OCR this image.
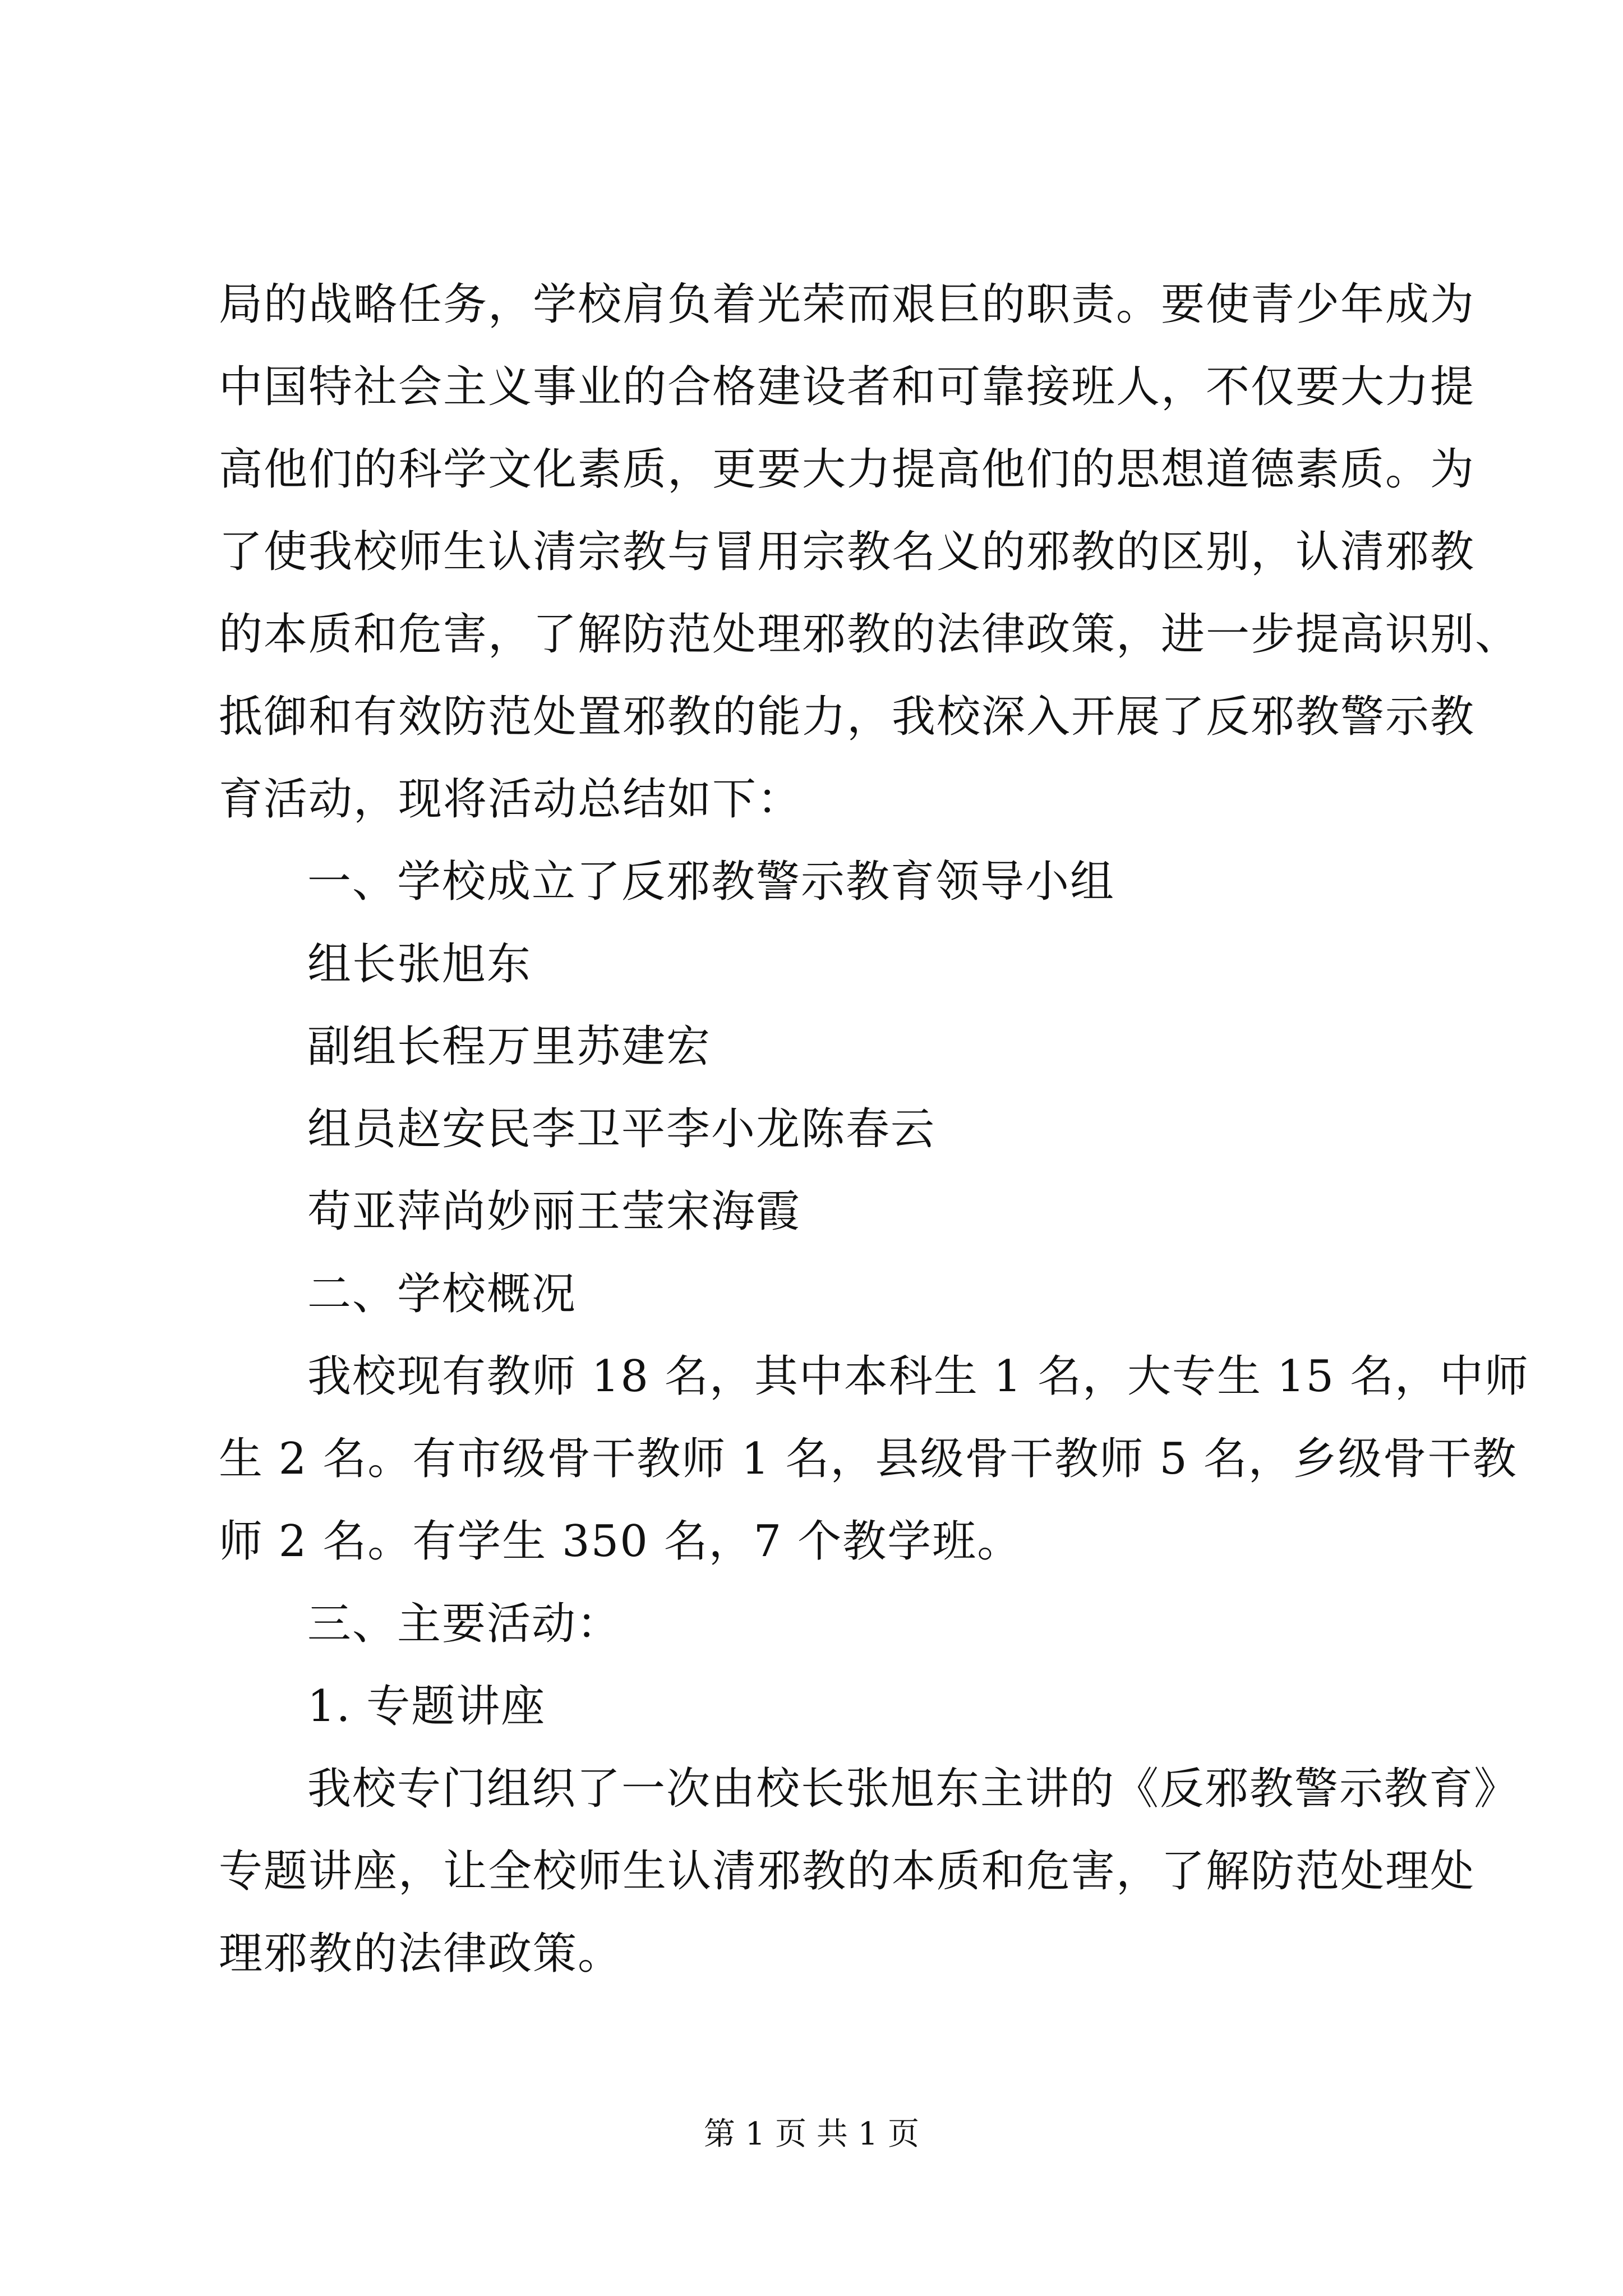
局的战略任务，学校肩负着光荣而艰巨的职责。要使青少年成为
中国特社会主义事业的合格建设者和可靠接班人，不仅要大力提
高他们的科学文化素质，更要大力提高他们的思想道德素质。为
了使我校师生认清宗教与冒用宗教名义的邪教的区别，认清邪教
的本质和危害，了解防范处理邪教的法律政策，进一步提高识别、
抵御和有效防范处置邪教的能力，我校深入开展了反邪教警示教
育活动，现将活动总结如下：

一、学校成立了反邪教警示教育领导小组

组长张旭东

副组长程万里苏建宏

组员赵安民李卫平李小龙陈春云

苟亚萍尚妙丽王莹宋海霞

二、学校概况

我校现有教师 18 名，其中本科生 1 名，大专生 15 名，中师
生 2 名。有市级骨干教师 1 名，县级骨干教师 5 名，乡级骨干教
师 2 名。有学生 350 名，7 个教学班。

三、主要活动：

1. 专题讲座

我校专门组织了一次由校长张旭东主讲的《反邪教警示教育》
专题讲座，让全校师生认清邪教的本质和危害，了解防范处理处
理邪教的法律政策。

第 1 页 共 1 页
